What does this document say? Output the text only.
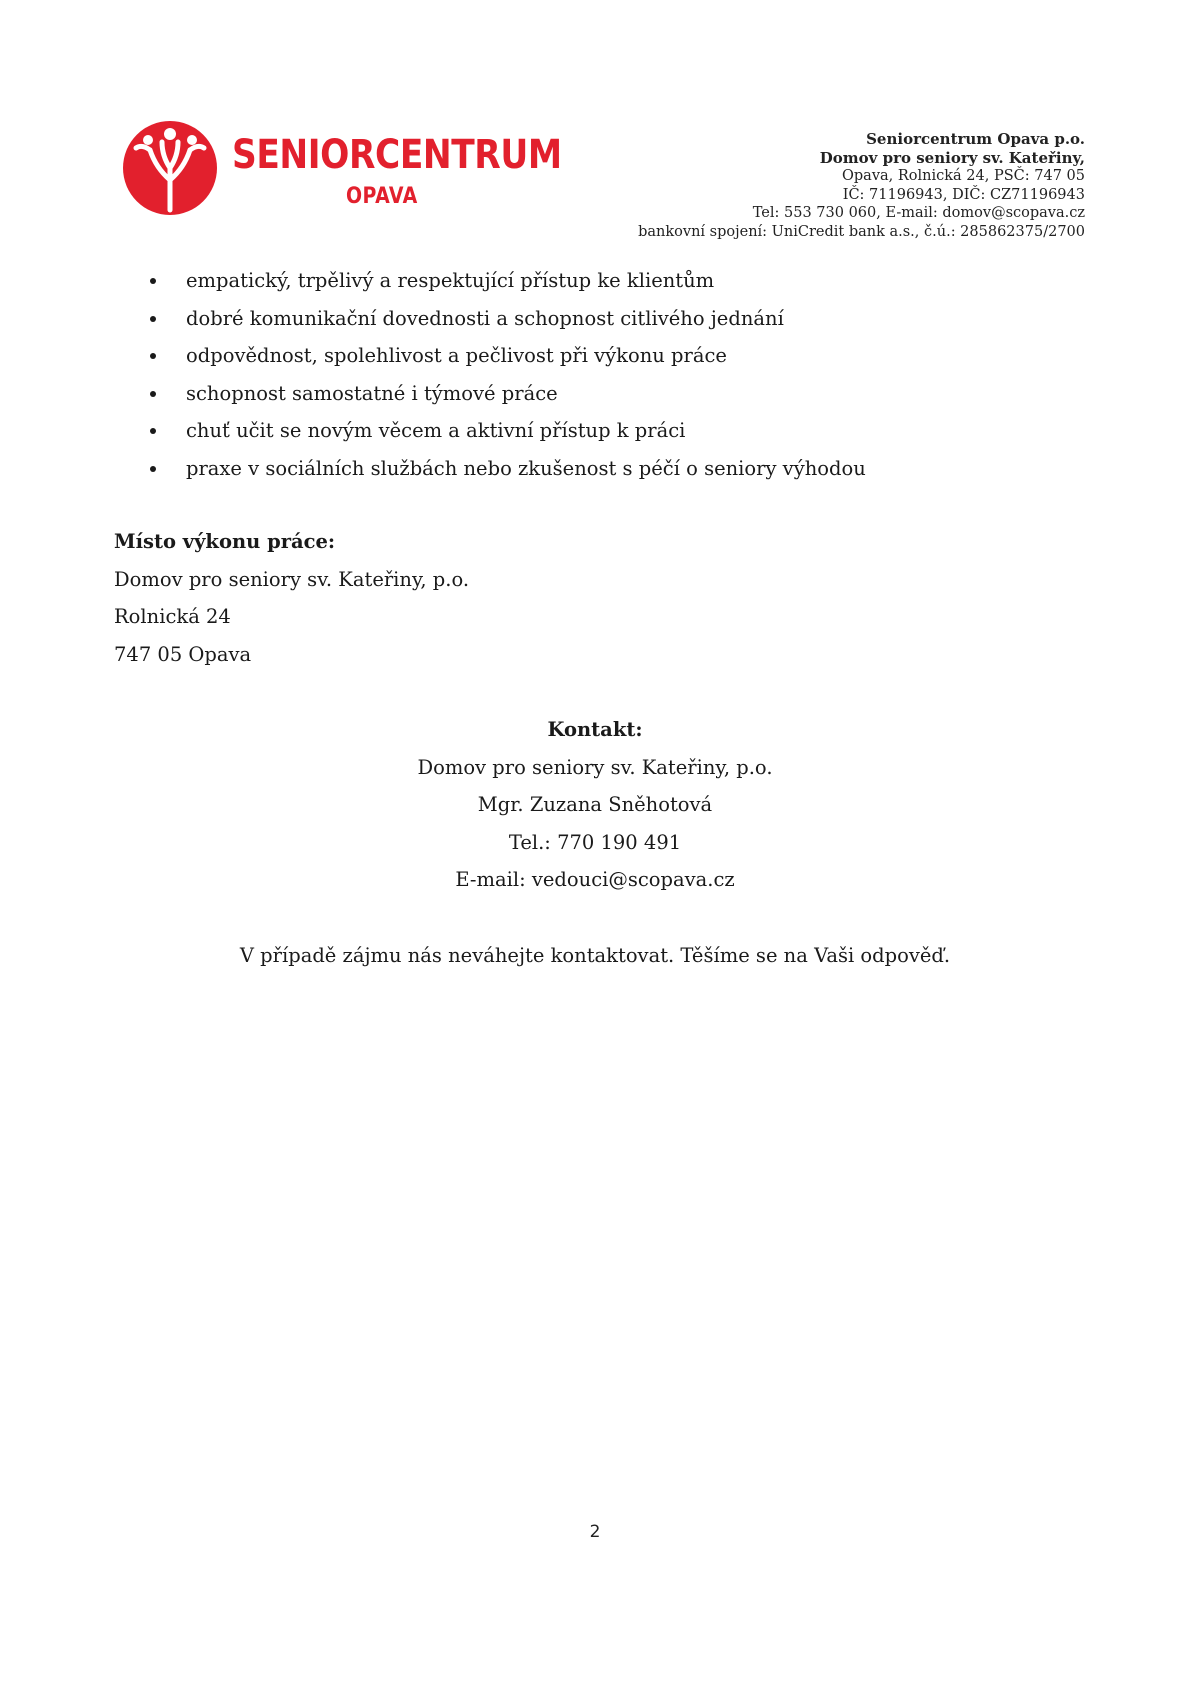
SENIORCENTRUM
OPAVA
Seniorcentrum Opava p.o.
Domov pro seniory sv. Kateřiny,
Opava, Rolnická 24, PSČ: 747 05
IČ: 71196943, DIČ: CZ71196943
Tel: 553 730 060, E-mail: domov@scopava.cz
bankovní spojení: UniCredit bank a.s., č.ú.: 285862375/2700
empatický, trpělivý a respektující přístup ke klientům
dobré komunikační dovednosti a schopnost citlivého jednání
odpovědnost, spolehlivost a pečlivost při výkonu práce
schopnost samostatné i týmové práce
chuť učit se novým věcem a aktivní přístup k práci
praxe v sociálních službách nebo zkušenost s péčí o seniory výhodou
Místo výkonu práce:
Domov pro seniory sv. Kateřiny, p.o.
Rolnická 24
747 05 Opava
Kontakt:
Domov pro seniory sv. Kateřiny, p.o.
Mgr. Zuzana Sněhotová
Tel.: 770 190 491
E-mail: vedouci@scopava.cz
V případě zájmu nás neváhejte kontaktovat. Těšíme se na Vaši odpověď.
2
